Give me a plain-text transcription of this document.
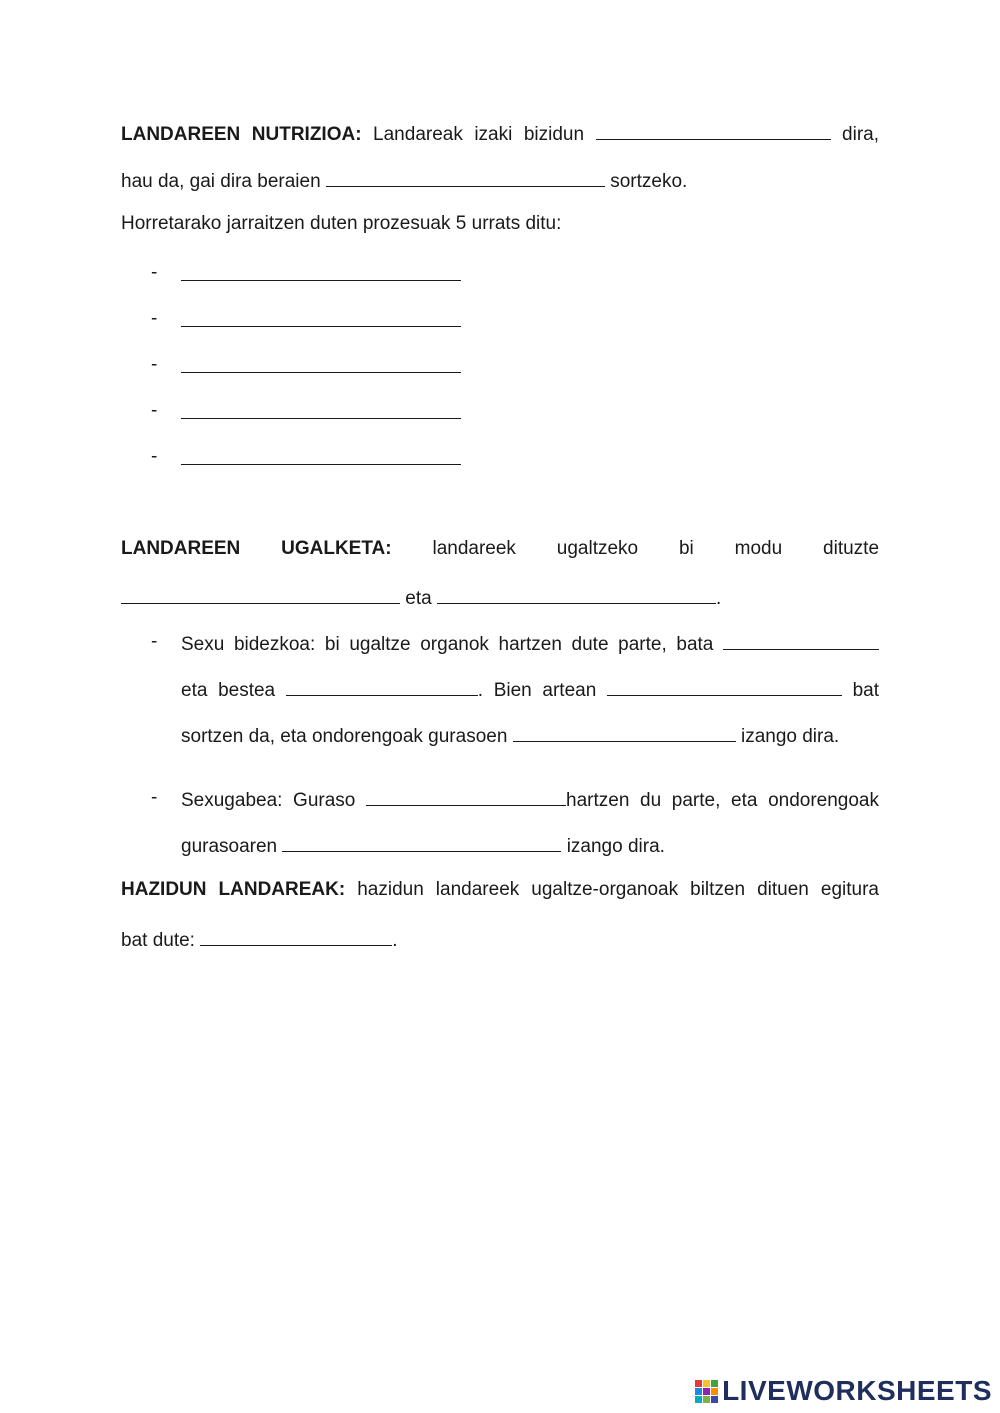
LANDAREEN NUTRIZIOA: Landareak izaki bizidun	dira,
hau da, gai dira beraien	sortzeko.
Horretarako jarraitzen duten prozesuak 5 urrats ditu:
-
-
-
-
-
LANDAREEN UGALKETA: landareek ugaltzeko bi modu dituzte
eta	.
- Sexu bidezkoa: bi ugaltze organok hartzen dute parte, bata
eta bestea	. Bien artean	bat
sortzen da, eta ondorengoak gurasoen	izango dira.
- Sexugabea: Guraso	hartzen du parte, eta ondorengoak
gurasoaren	izango dira.
HAZIDUN LANDAREAK: hazidun landareek ugaltze-organoak biltzen dituen egitura
bat dute:	.
LIVEWORKSHEETS
